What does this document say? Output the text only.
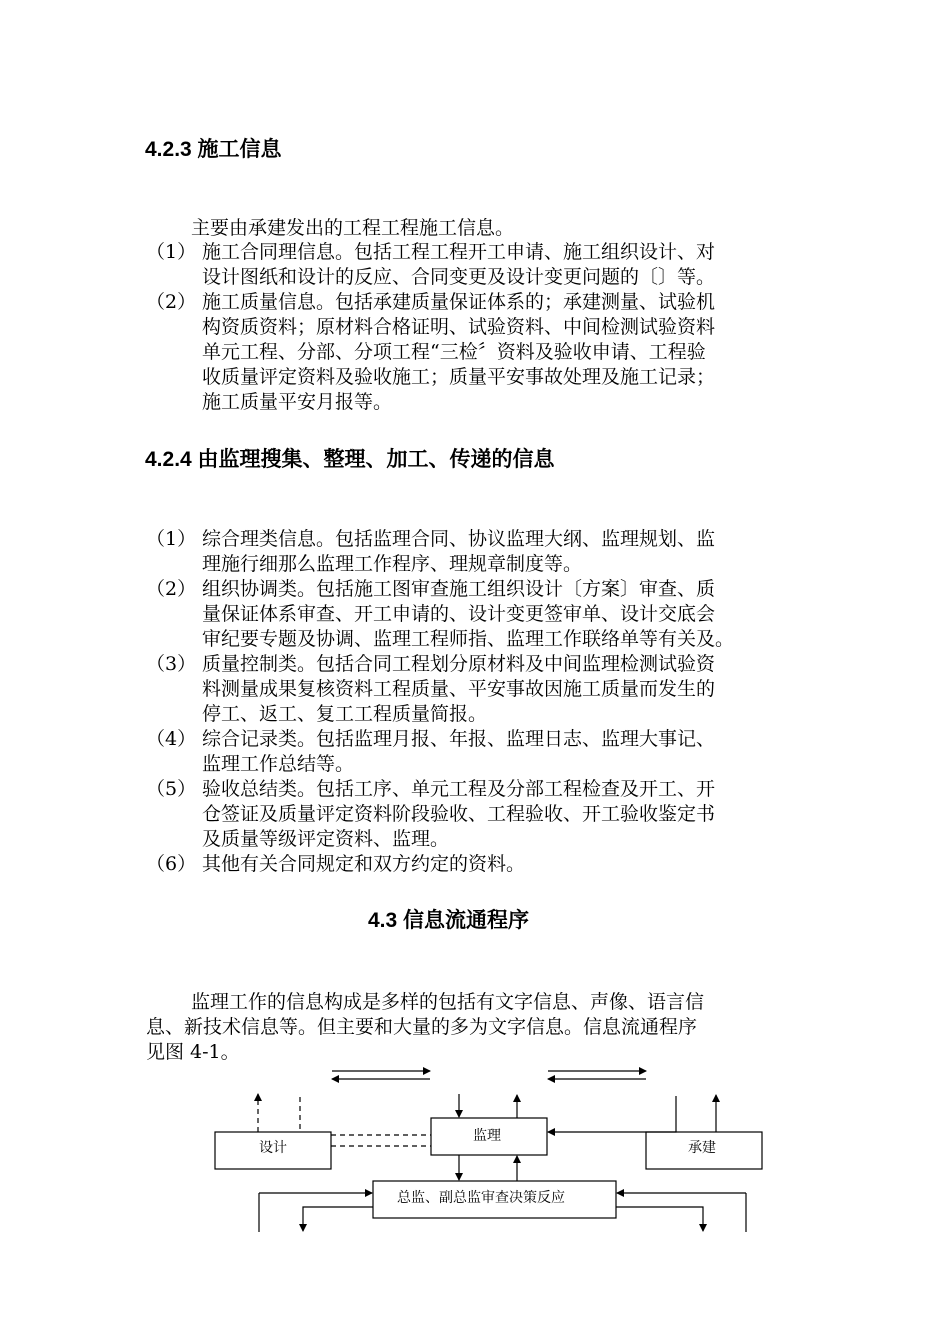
4.2.3 施工信息
主要由承建发出的工程工程施工信息。
（1） 施工合同理信息。包括工程工程开工申请、施工组织设计、对
设计图纸和设计的反应、合同变更及设计变更问题的〔〕等。
（2） 施工质量信息。包括承建质量保证体系的；承建测量、试验机
构资质资料；原材料合格证明、试验资料、中间检测试验资料
单元工程、分部、分项工程“三检〞资料及验收申请、工程验
收质量评定资料及验收施工；质量平安事故处理及施工记录；
施工质量平安月报等。
4.2.4 由监理搜集、整理、加工、传递的信息
（1） 综合理类信息。包括监理合同、协议监理大纲、监理规划、监
理施行细那么监理工作程序、理规章制度等。
（2） 组织协调类。包括施工图审查施工组织设计〔方案〕审查、质
量保证体系审查、开工申请的、设计变更签审单、设计交底会
审纪要专题及协调、监理工程师指、监理工作联络单等有关及。
（3） 质量控制类。包括合同工程划分原材料及中间监理检测试验资
料测量成果复核资料工程质量、平安事故因施工质量而发生的
停工、返工、复工工程质量简报。
（4） 综合记录类。包括监理月报、年报、监理日志、监理大事记、
监理工作总结等。
（5） 验收总结类。包括工序、单元工程及分部工程检查及开工、开
仓签证及质量评定资料阶段验收、工程验收、开工验收鉴定书
及质量等级评定资料、监理。
（6） 其他有关合同规定和双方约定的资料。
4.3 信息流通程序
监理工作的信息构成是多样的包括有文字信息、声像、语言信
息、新技术信息等。但主要和大量的多为文字信息。信息流通程序
见图 4-1。
设计
监理
承建
总监、副总监审查决策反应
